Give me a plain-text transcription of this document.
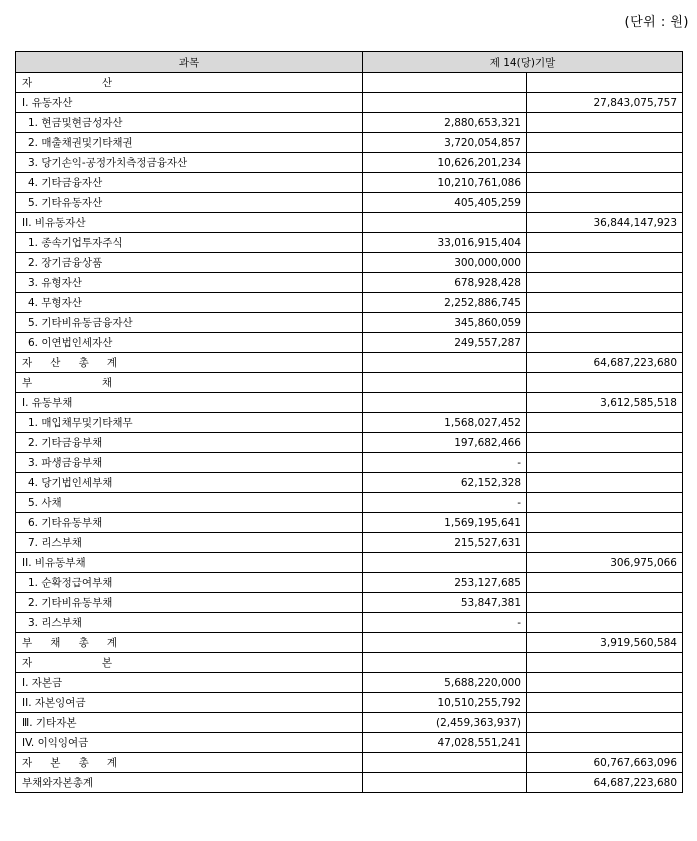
(단위 : 원)
과목	제 14(당)기말	

자 산		

I. 유동자산		27,843,075,757
1. 현금및현금성자산	2,880,653,321	
2. 매출채권및기타채권	3,720,054,857	
3. 당기손익-공정가치측정금융자산	10,626,201,234	
4. 기타금융자산	10,210,761,086	
5. 기타유동자산	405,405,259	
II. 비유동자산		36,844,147,923
1. 종속기업투자주식	33,016,915,404	
2. 장기금융상품	300,000,000	
3. 유형자산	678,928,428	
4. 무형자산	2,252,886,745	
5. 기타비유동금융자산	345,860,059	
6. 이연법인세자산	249,557,287	

자 산 총 계		64,687,223,680

부 채		

I. 유동부채		3,612,585,518
1. 매입채무및기타채무	1,568,027,452	
2. 기타금융부채	197,682,466	
3. 파생금융부채	-	
4. 당기법인세부채	62,152,328	
5. 사채	-	
6. 기타유동부채	1,569,195,641	
7. 리스부채	215,527,631	
II. 비유동부채		306,975,066
1. 순확정급여부채	253,127,685	
2. 기타비유동부채	53,847,381	
3. 리스부채	-	

부 채 총 계		3,919,560,584

자 본		

I. 자본금	5,688,220,000	
II. 자본잉여금	10,510,255,792	
Ⅲ. 기타자본	(2,459,363,937)	
IV. 이익잉여금	47,028,551,241	

자 본 총 계		60,767,663,096
부채와자본총계		64,687,223,680
